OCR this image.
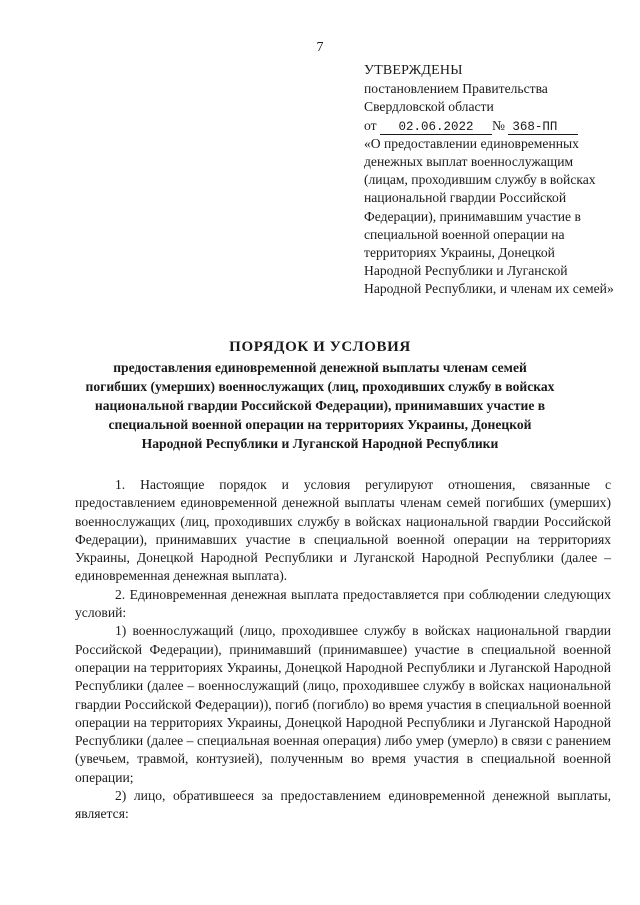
7
УТВЕРЖДЕНЫ
постановлением Правительства
Свердловской области
от 02.06.2022 № 368-ПП
«О предоставлении единовременных денежных выплат военнослужащим (лицам, проходившим службу в войсках национальной гвардии Российской Федерации), принимавшим участие в специальной военной операции на территориях Украины, Донецкой Народной Республики и Луганской Народной Республики, и членам их семей»
ПОРЯДОК И УСЛОВИЯ
предоставления единовременной денежной выплаты членам семей погибших (умерших) военнослужащих (лиц, проходивших службу в войсках национальной гвардии Российской Федерации), принимавших участие в специальной военной операции на территориях Украины, Донецкой Народной Республики и Луганской Народной Республики

1. Настоящие порядок и условия регулируют отношения, связанные с предоставлением единовременной денежной выплаты членам семей погибших (умерших) военнослужащих (лиц, проходивших службу в войсках национальной гвардии Российской Федерации), принимавших участие в специальной военной операции на территориях Украины, Донецкой Народной Республики и Луганской Народной Республики (далее – единовременная денежная выплата).

2. Единовременная денежная выплата предоставляется при соблюдении следующих условий:

1) военнослужащий (лицо, проходившее службу в войсках национальной гвардии Российской Федерации), принимавший (принимавшее) участие в специальной военной операции на территориях Украины, Донецкой Народной Республики и Луганской Народной Республики (далее – военнослужащий (лицо, проходившее службу в войсках национальной гвардии Российской Федерации)), погиб (погибло) во время участия в специальной военной операции на территориях Украины, Донецкой Народной Республики и Луганской Народной Республики (далее – специальная военная операция) либо умер (умерло) в связи с ранением (увечьем, травмой, контузией), полученным во время участия в специальной военной операции;

2) лицо, обратившееся за предоставлением единовременной денежной выплаты, является:
